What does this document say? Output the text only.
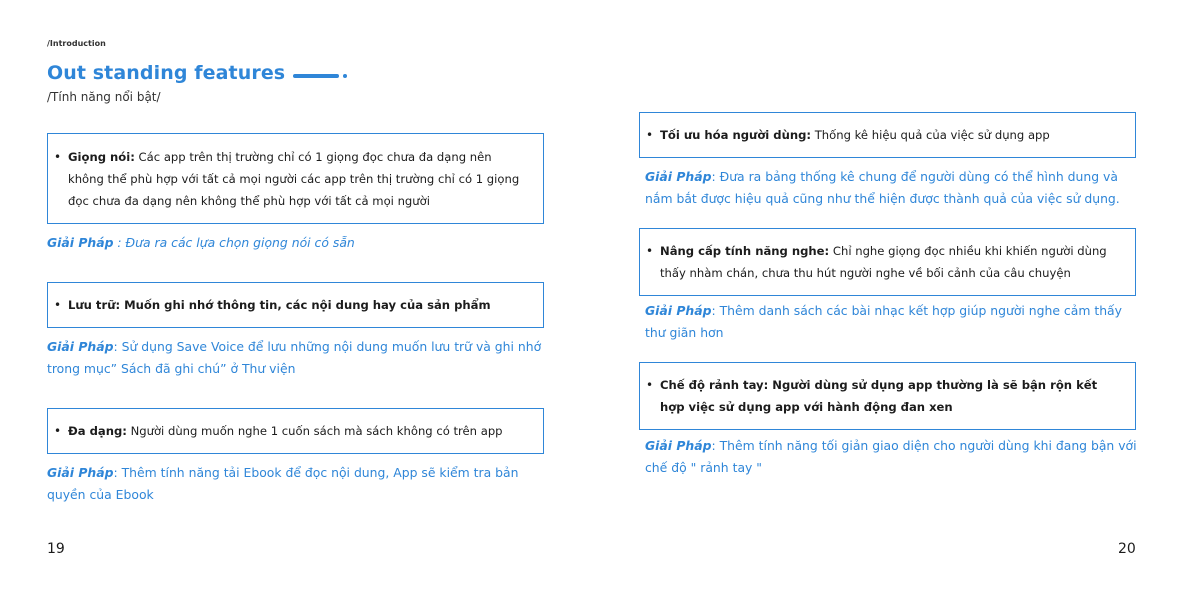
/Introduction
Out standing features
/Tính năng nổi bật/

• Giọng nói: Các app trên thị trường chỉ có 1 giọng đọc chưa đa dạng nên không thể phù hợp với tất cả mọi người các app trên thị trường chỉ có 1 giọng đọc chưa đa dạng nên không thể phù hợp với tất cả mọi người

Giải Pháp : Đưa ra các lựa chọn giọng nói có sẵn

• Lưu trữ: Muốn ghi nhớ thông tin, các nội dung hay của sản phẩm

Giải Pháp: Sử dụng Save Voice để lưu những nội dung muốn lưu trữ và ghi nhớ trong mục” Sách đã ghi chú” ở Thư viện

• Đa dạng: Người dùng muốn nghe 1 cuốn sách mà sách không có trên app

Giải Pháp: Thêm tính năng tải Ebook để đọc nội dung, App sẽ kiểm tra bản quyền của Ebook

19

• Tối ưu hóa người dùng: Thống kê hiệu quả của việc sử dụng app

Giải Pháp: Đưa ra bảng thống kê chung để người dùng có thể hình dung và nắm bắt được hiệu quả cũng như thể hiện được thành quả của việc sử dụng.

• Nâng cấp tính năng nghe: Chỉ nghe giọng đọc nhiều khi khiến người dùng thấy nhàm chán, chưa thu hút người nghe về bối cảnh của câu chuyện

Giải Pháp: Thêm danh sách các bài nhạc kết hợp giúp người nghe cảm thấy thư giãn hơn

• Chế độ rảnh tay: Người dùng sử dụng app thường là sẽ bận rộn kết hợp việc sử dụng app với hành động đan xen

Giải Pháp: Thêm tính năng tối giản giao diện cho người dùng khi đang bận với chế độ " rảnh tay "

20
